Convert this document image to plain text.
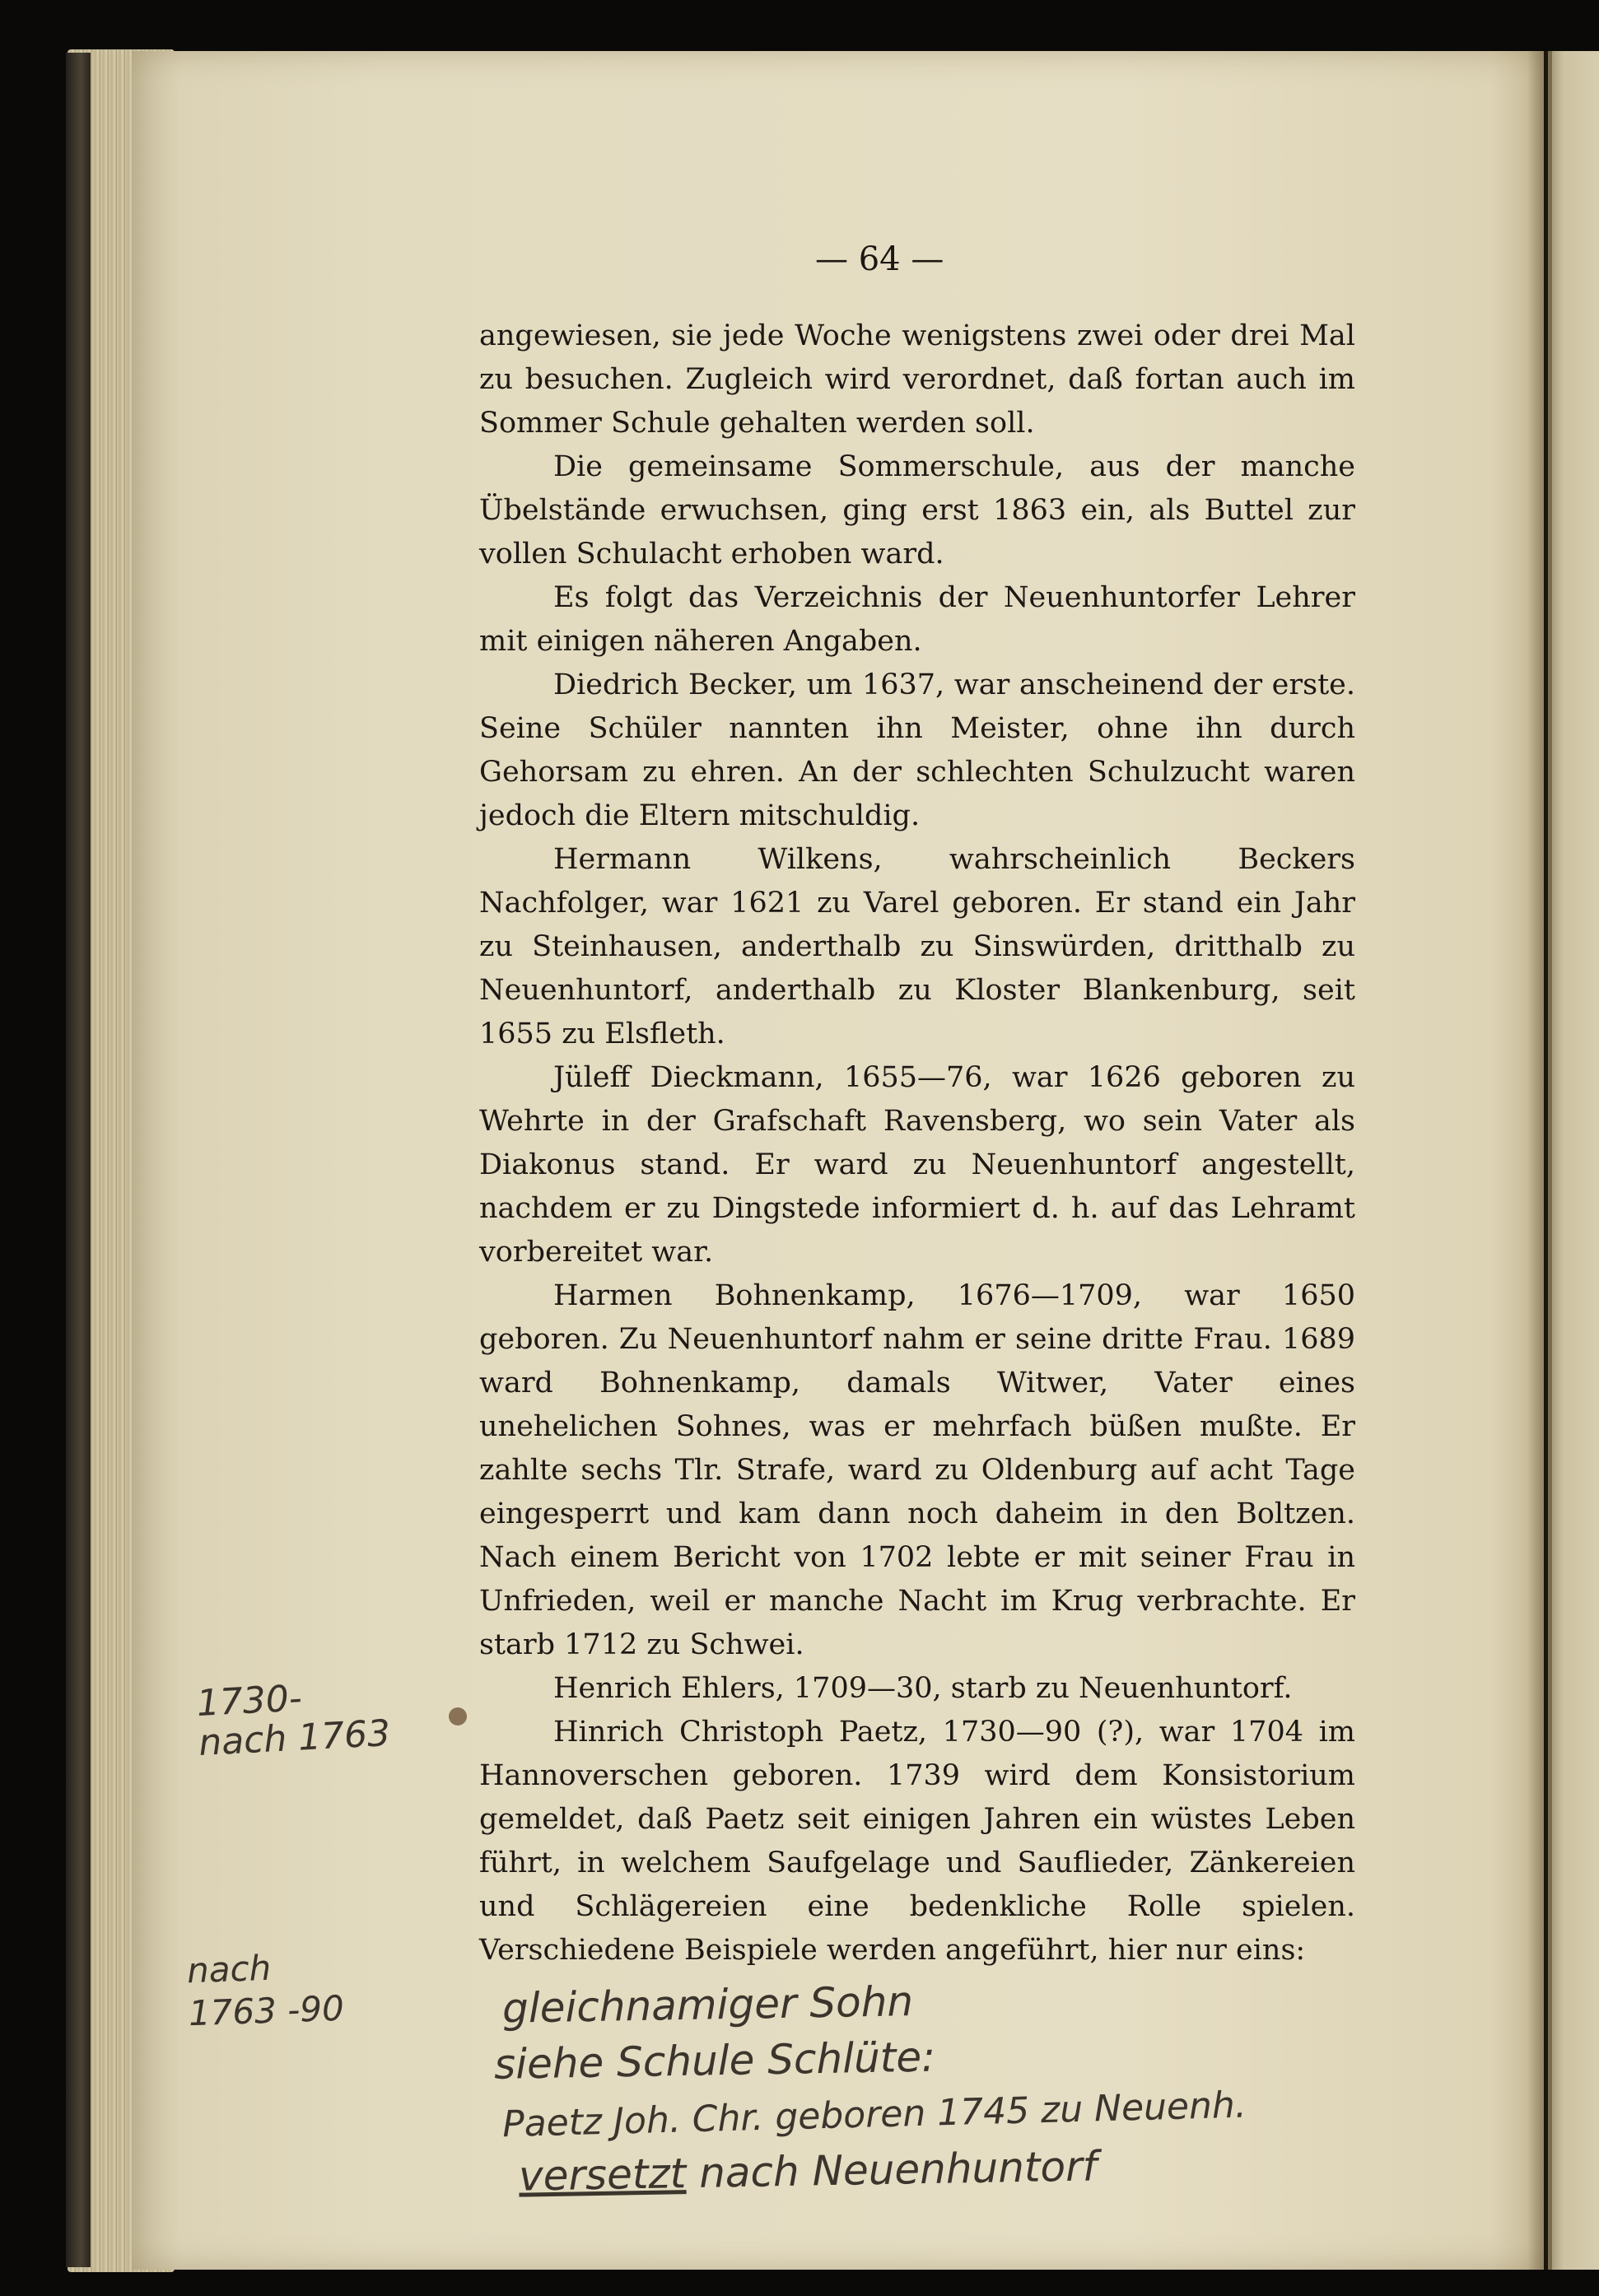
— 64 —

angewiesen, sie jede Woche wenigstens zwei oder drei Mal zu besuchen. Zugleich wird verordnet, daß fortan auch im Sommer Schule gehalten werden soll.

Die gemeinsame Sommerschule, aus der manche Übelstände erwuchsen, ging erst 1863 ein, als Buttel zur vollen Schulacht erhoben ward.

Es folgt das Verzeichnis der Neuenhuntorfer Lehrer mit einigen näheren Angaben.

Diedrich Becker, um 1637, war anscheinend der erste. Seine Schüler nannten ihn Meister, ohne ihn durch Gehorsam zu ehren. An der schlechten Schulzucht waren jedoch die Eltern mitschuldig.

Hermann Wilkens, wahrscheinlich Beckers Nachfolger, war 1621 zu Varel geboren. Er stand ein Jahr zu Steinhausen, anderthalb zu Sinswürden, dritthalb zu Neuenhuntorf, anderthalb zu Kloster Blankenburg, seit 1655 zu Elsfleth.

Jüleff Dieckmann, 1655—76, war 1626 geboren zu Wehrte in der Grafschaft Ravensberg, wo sein Vater als Diakonus stand. Er ward zu Neuenhuntorf angestellt, nachdem er zu Dingstede informiert d. h. auf das Lehramt vorbereitet war.

Harmen Bohnenkamp, 1676—1709, war 1650 geboren. Zu Neuenhuntorf nahm er seine dritte Frau. 1689 ward Bohnenkamp, damals Witwer, Vater eines unehelichen Sohnes, was er mehrfach büßen mußte. Er zahlte sechs Tlr. Strafe, ward zu Oldenburg auf acht Tage eingesperrt und kam dann noch daheim in den Boltzen. Nach einem Bericht von 1702 lebte er mit seiner Frau in Unfrieden, weil er manche Nacht im Krug verbrachte. Er starb 1712 zu Schwei.

Henrich Ehlers, 1709—30, starb zu Neuenhuntorf.

Hinrich Christoph Paetz, 1730—90 (?), war 1704 im Hannoverschen geboren. 1739 wird dem Konsistorium gemeldet, daß Paetz seit einigen Jahren ein wüstes Leben führt, in welchem Saufgelage und Sauflieder, Zänkereien und Schlägereien eine bedenkliche Rolle spielen. Verschiedene Beispiele werden angeführt, hier nur eins:

1730-
nach 1763
nach
1763 -90	gleichnamiger Sohn
siehe Schule Schlüte:
Paetz Joh. Chr. geboren 1745 zu Neuenh.
versetzt nach Neuenhuntorf
